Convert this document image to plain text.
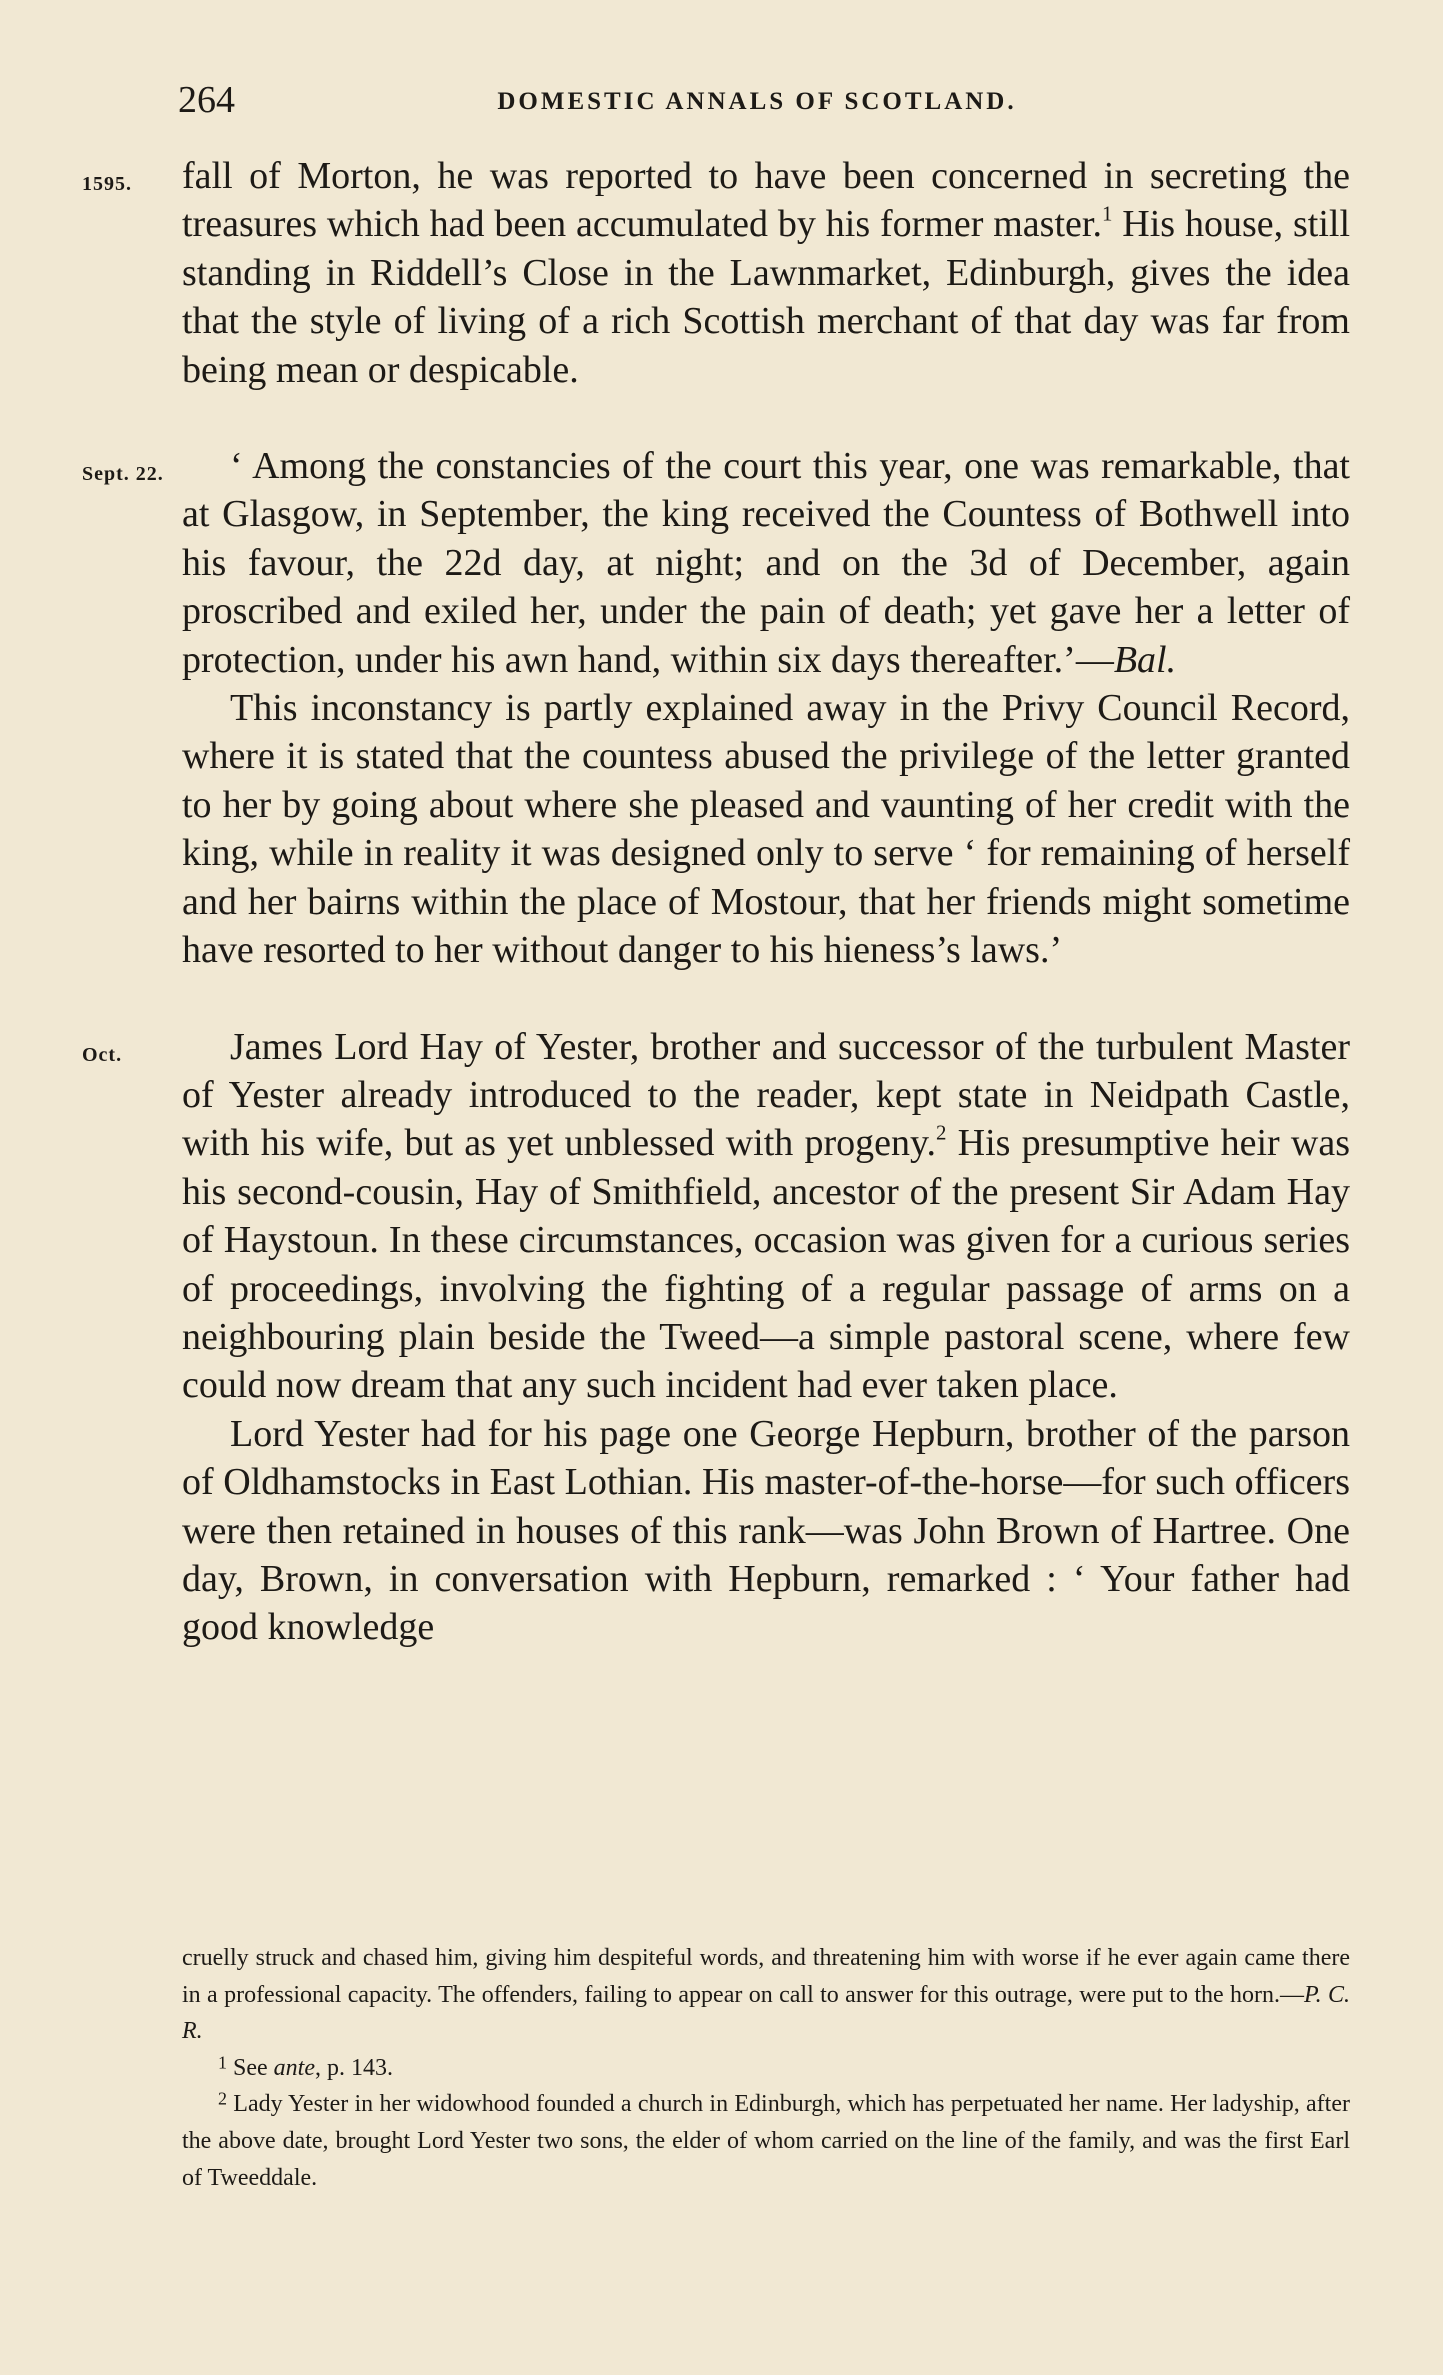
264	DOMESTIC ANNALS OF SCOTLAND.
1595. fall of Morton, he was reported to have been concerned in secreting the treasures which had been accumulated by his former master.$^1$ His house, still standing in Riddell’s Close in the Lawnmarket, Edinburgh, gives the idea that the style of living of a rich Scottish merchant of that day was far from being mean or despicable.

Sept. 22.	‘ Among the constancies of the court this year, one was remarkable, that at Glasgow, in September, the king received the Countess of Bothwell into his favour, the 22d day, at night; and on the 3d of December, again proscribed and exiled her, under the pain of death; yet gave her a letter of protection, under his awn hand, within six days thereafter.’—Bal.

This inconstancy is partly explained away in the Privy Council Record, where it is stated that the countess abused the privilege of the letter granted to her by going about where she pleased and vaunting of her credit with the king, while in reality it was designed only to serve ‘ for remaining of herself and her bairns within the place of Mostour, that her friends might sometime have resorted to her without danger to his hieness’s laws.’

Oct.	James Lord Hay of Yester, brother and successor of the turbulent Master of Yester already introduced to the reader, kept state in Neidpath Castle, with his wife, but as yet unblessed with progeny.$^2$ His presumptive heir was his second-cousin, Hay of Smithfield, ancestor of the present Sir Adam Hay of Haystoun. In these circumstances, occasion was given for a curious series of proceedings, involving the fighting of a regular passage of arms on a neighbouring plain beside the Tweed—a simple pastoral scene, where few could now dream that any such incident had ever taken place.

Lord Yester had for his page one George Hepburn, brother of the parson of Oldhamstocks in East Lothian. His master-of-the-horse—for such officers were then retained in houses of this rank—was John Brown of Hartree. One day, Brown, in conversation with Hepburn, remarked : ‘ Your father had good knowledge

cruelly struck and chased him, giving him despiteful words, and threatening him with worse if he ever again came there in a professional capacity. The offenders, failing to appear on call to answer for this outrage, were put to the horn.—P. C. R.

$^1$ See ante, p. 143.

$^2$ Lady Yester in her widowhood founded a church in Edinburgh, which has perpetuated her name. Her ladyship, after the above date, brought Lord Yester two sons, the elder of whom carried on the line of the family, and was the first Earl of Tweeddale.
